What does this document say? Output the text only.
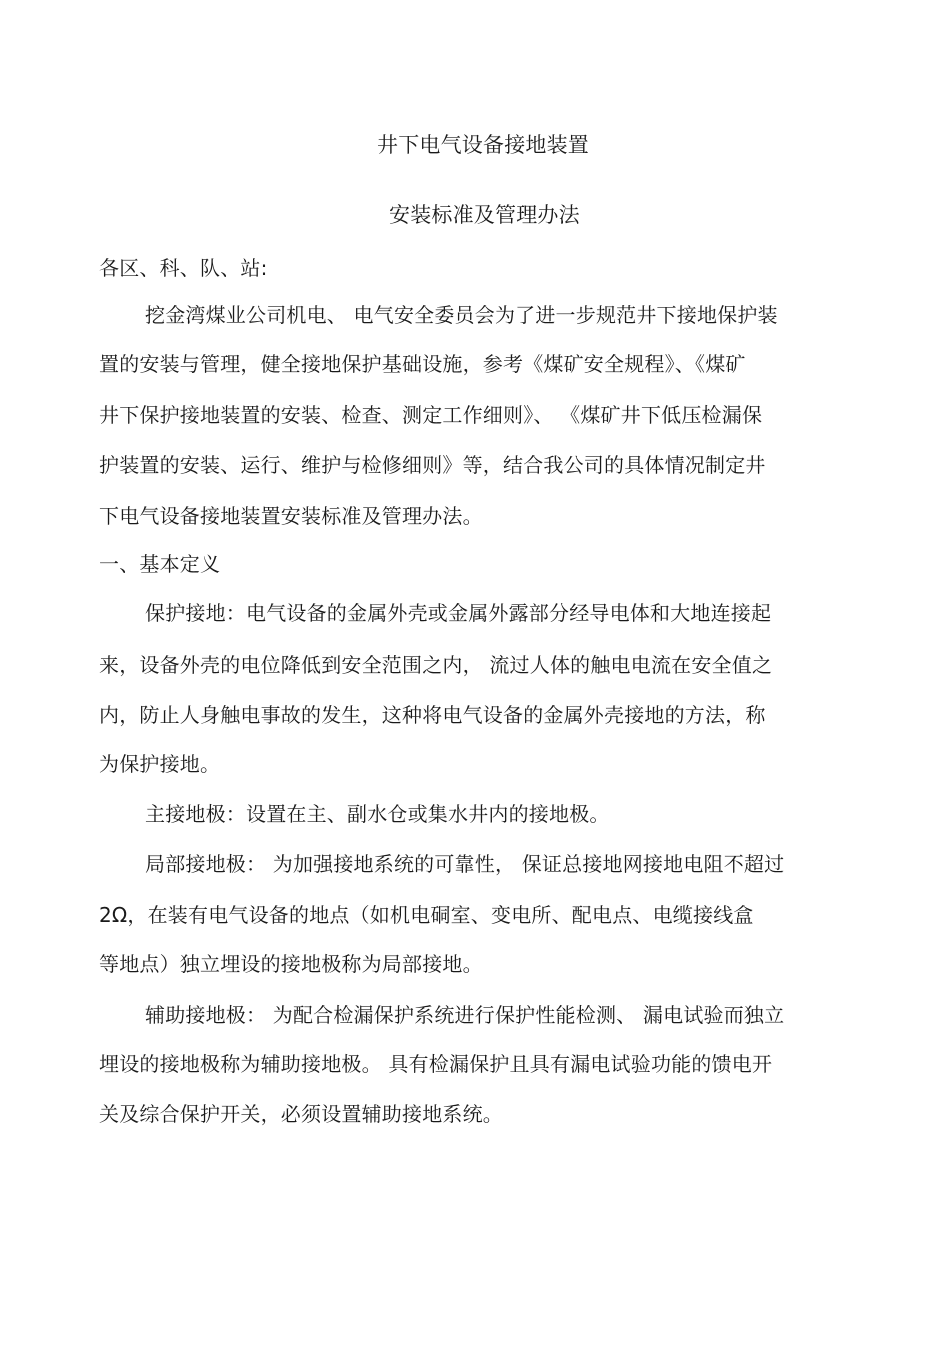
井下电气设备接地装置
安装标准及管理办法
各区、科、队、站:
挖金湾煤业公司机电、 电气安全委员会为了进一步规范井下接地保护装
置的安装与管理，健全接地保护基础设施，参考《煤矿安全规程》、《煤矿
井下保护接地装置的安装、检查、测定工作细则》、 《煤矿井下低压检漏保
护装置的安装、运行、维护与检修细则》等，结合我公司的具体情况制定井
下电气设备接地装置安装标准及管理办法。
一、基本定义
保护接地：电气设备的金属外壳或金属外露部分经导电体和大地连接起
来，设备外壳的电位降低到安全范围之内， 流过人体的触电电流在安全值之
内，防止人身触电事故的发生，这种将电气设备的金属外壳接地的方法，称
为保护接地。
主接地极：设置在主、副水仓或集水井内的接地极。
局部接地极： 为加强接地系统的可靠性， 保证总接地网接地电阻不超过
2Ω，在装有电气设备的地点（如机电硐室、变电所、配电点、电缆接线盒
等地点）独立埋设的接地极称为局部接地。
辅助接地极： 为配合检漏保护系统进行保护性能检测、 漏电试验而独立
埋设的接地极称为辅助接地极。 具有检漏保护且具有漏电试验功能的馈电开
关及综合保护开关，必须设置辅助接地系统。
